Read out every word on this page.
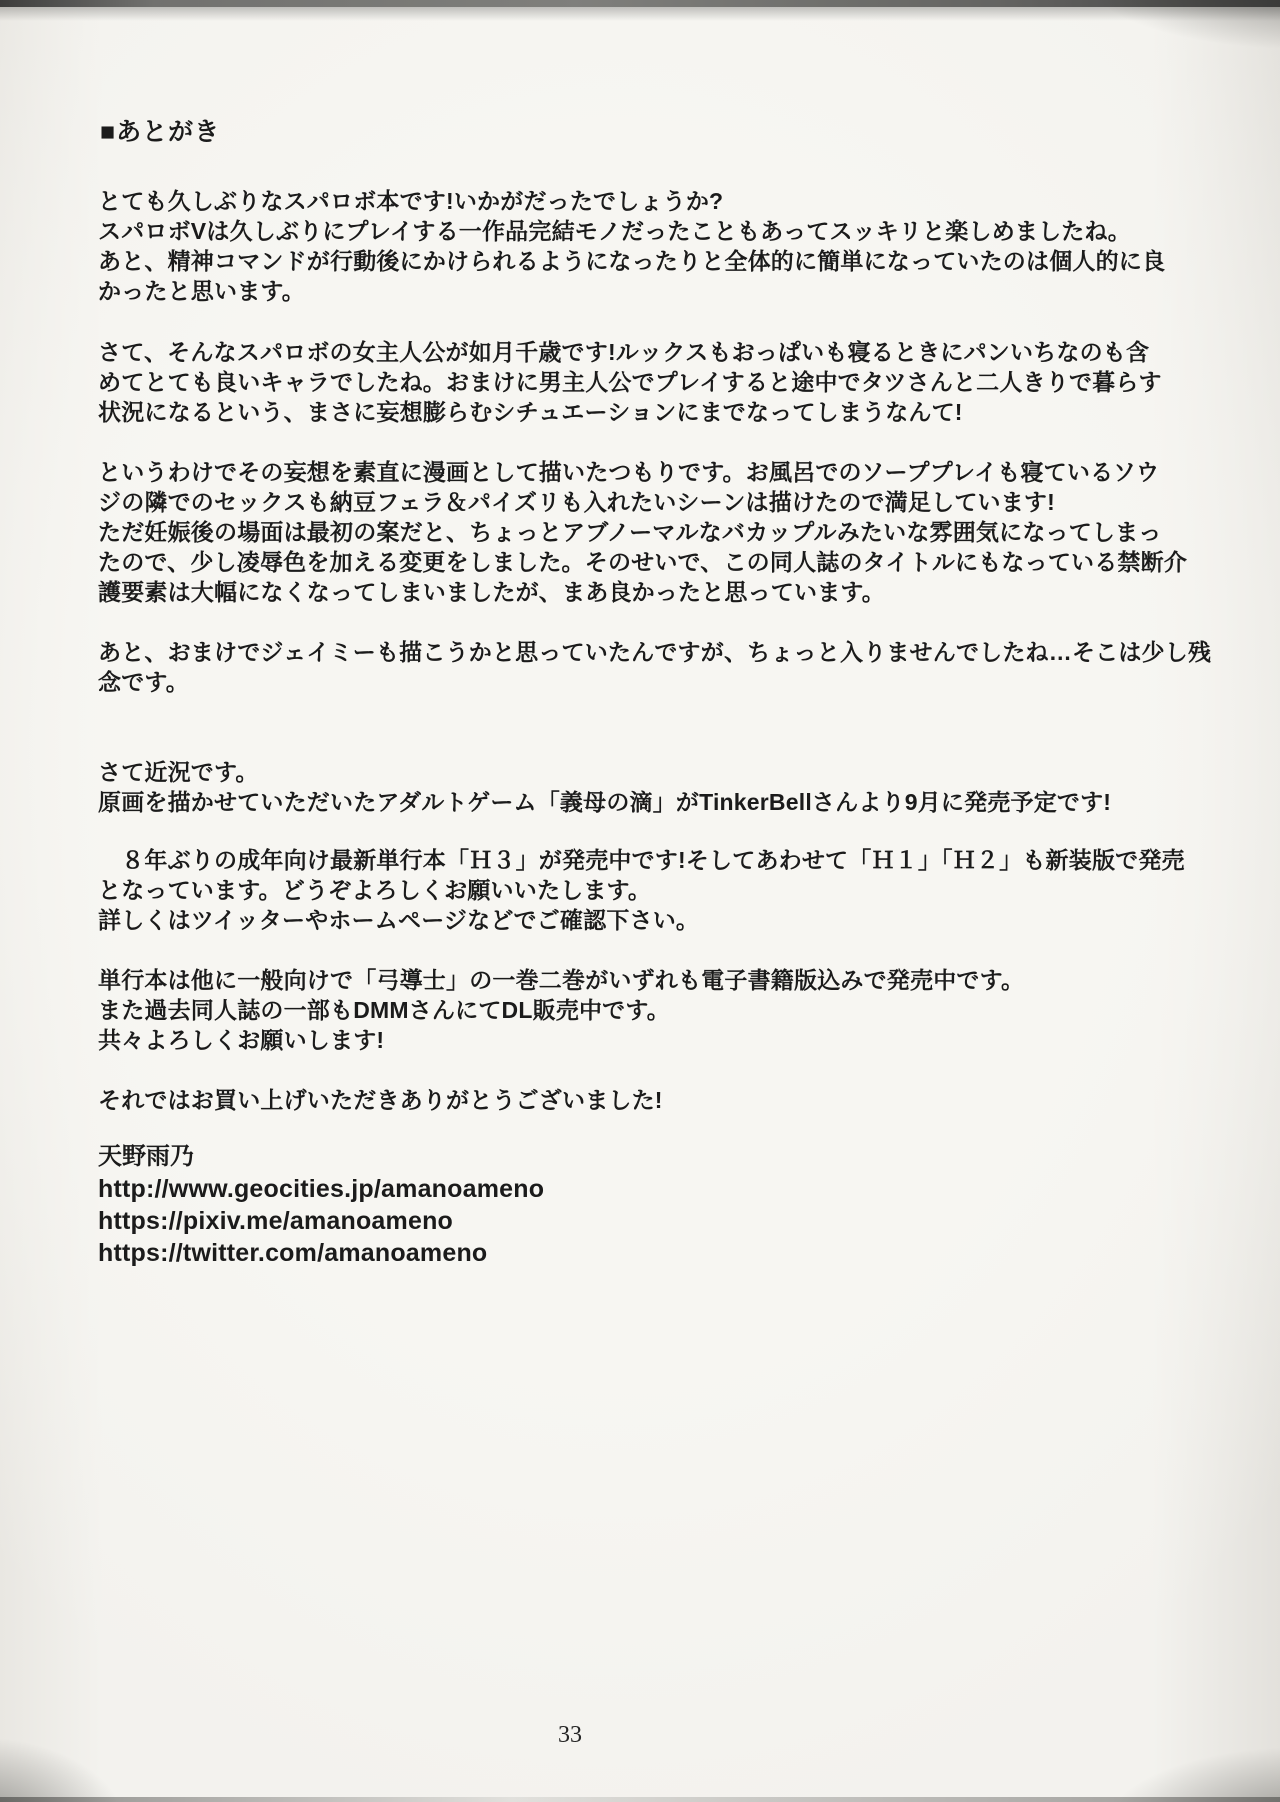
■あとがき
とても久しぶりなスパロボ本です!いかがだったでしょうか?
スパロボVは久しぶりにプレイする一作品完結モノだったこともあってスッキリと楽しめましたね。
あと、精神コマンドが行動後にかけられるようになったりと全体的に簡単になっていたのは個人的に良
かったと思います。
さて、そんなスパロボの女主人公が如月千歳です!ルックスもおっぱいも寝るときにパンいちなのも含
めてとても良いキャラでしたね。おまけに男主人公でプレイすると途中でタツさんと二人きりで暮らす
状況になるという、まさに妄想膨らむシチュエーションにまでなってしまうなんて!
というわけでその妄想を素直に漫画として描いたつもりです。お風呂でのソーププレイも寝ているソウ
ジの隣でのセックスも納豆フェラ＆パイズリも入れたいシーンは描けたので満足しています!
ただ妊娠後の場面は最初の案だと、ちょっとアブノーマルなバカップルみたいな雰囲気になってしまっ
たので、少し凌辱色を加える変更をしました。そのせいで、この同人誌のタイトルにもなっている禁断介
護要素は大幅になくなってしまいましたが、まあ良かったと思っています。
あと、おまけでジェイミーも描こうかと思っていたんですが、ちょっと入りませんでしたね…そこは少し残
念です。
さて近況です。
原画を描かせていただいたアダルトゲーム「義母の滴」がTinkerBellさんより9月に発売予定です!
　８年ぶりの成年向け最新単行本「Ｈ３」が発売中です!そしてあわせて「Ｈ１」「Ｈ２」も新装版で発売
となっています。どうぞよろしくお願いいたします。
詳しくはツイッターやホームページなどでご確認下さい。
単行本は他に一般向けで「弓導士」の一巻二巻がいずれも電子書籍版込みで発売中です。
また過去同人誌の一部もDMMさんにてDL販売中です。
共々よろしくお願いします!
それではお買い上げいただきありがとうございました!
天野雨乃
http://www.geocities.jp/amanoameno
https://pixiv.me/amanoameno
https://twitter.com/amanoameno
33
